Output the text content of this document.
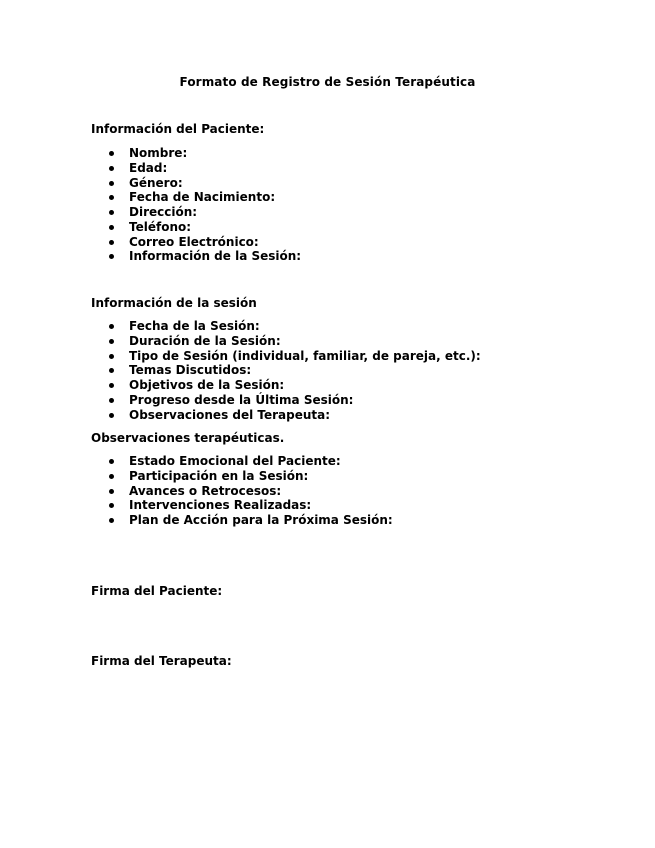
Formato de Registro de Sesión Terapéutica
Información del Paciente:
Nombre:
Edad:
Género:
Fecha de Nacimiento:
Dirección:
Teléfono:
Correo Electrónico:
Información de la Sesión:
Información de la sesión
Fecha de la Sesión:
Duración de la Sesión:
Tipo de Sesión (individual, familiar, de pareja, etc.):
Temas Discutidos:
Objetivos de la Sesión:
Progreso desde la Última Sesión:
Observaciones del Terapeuta:
Observaciones terapéuticas.
Estado Emocional del Paciente:
Participación en la Sesión:
Avances o Retrocesos:
Intervenciones Realizadas:
Plan de Acción para la Próxima Sesión:
Firma del Paciente:
Firma del Terapeuta:
